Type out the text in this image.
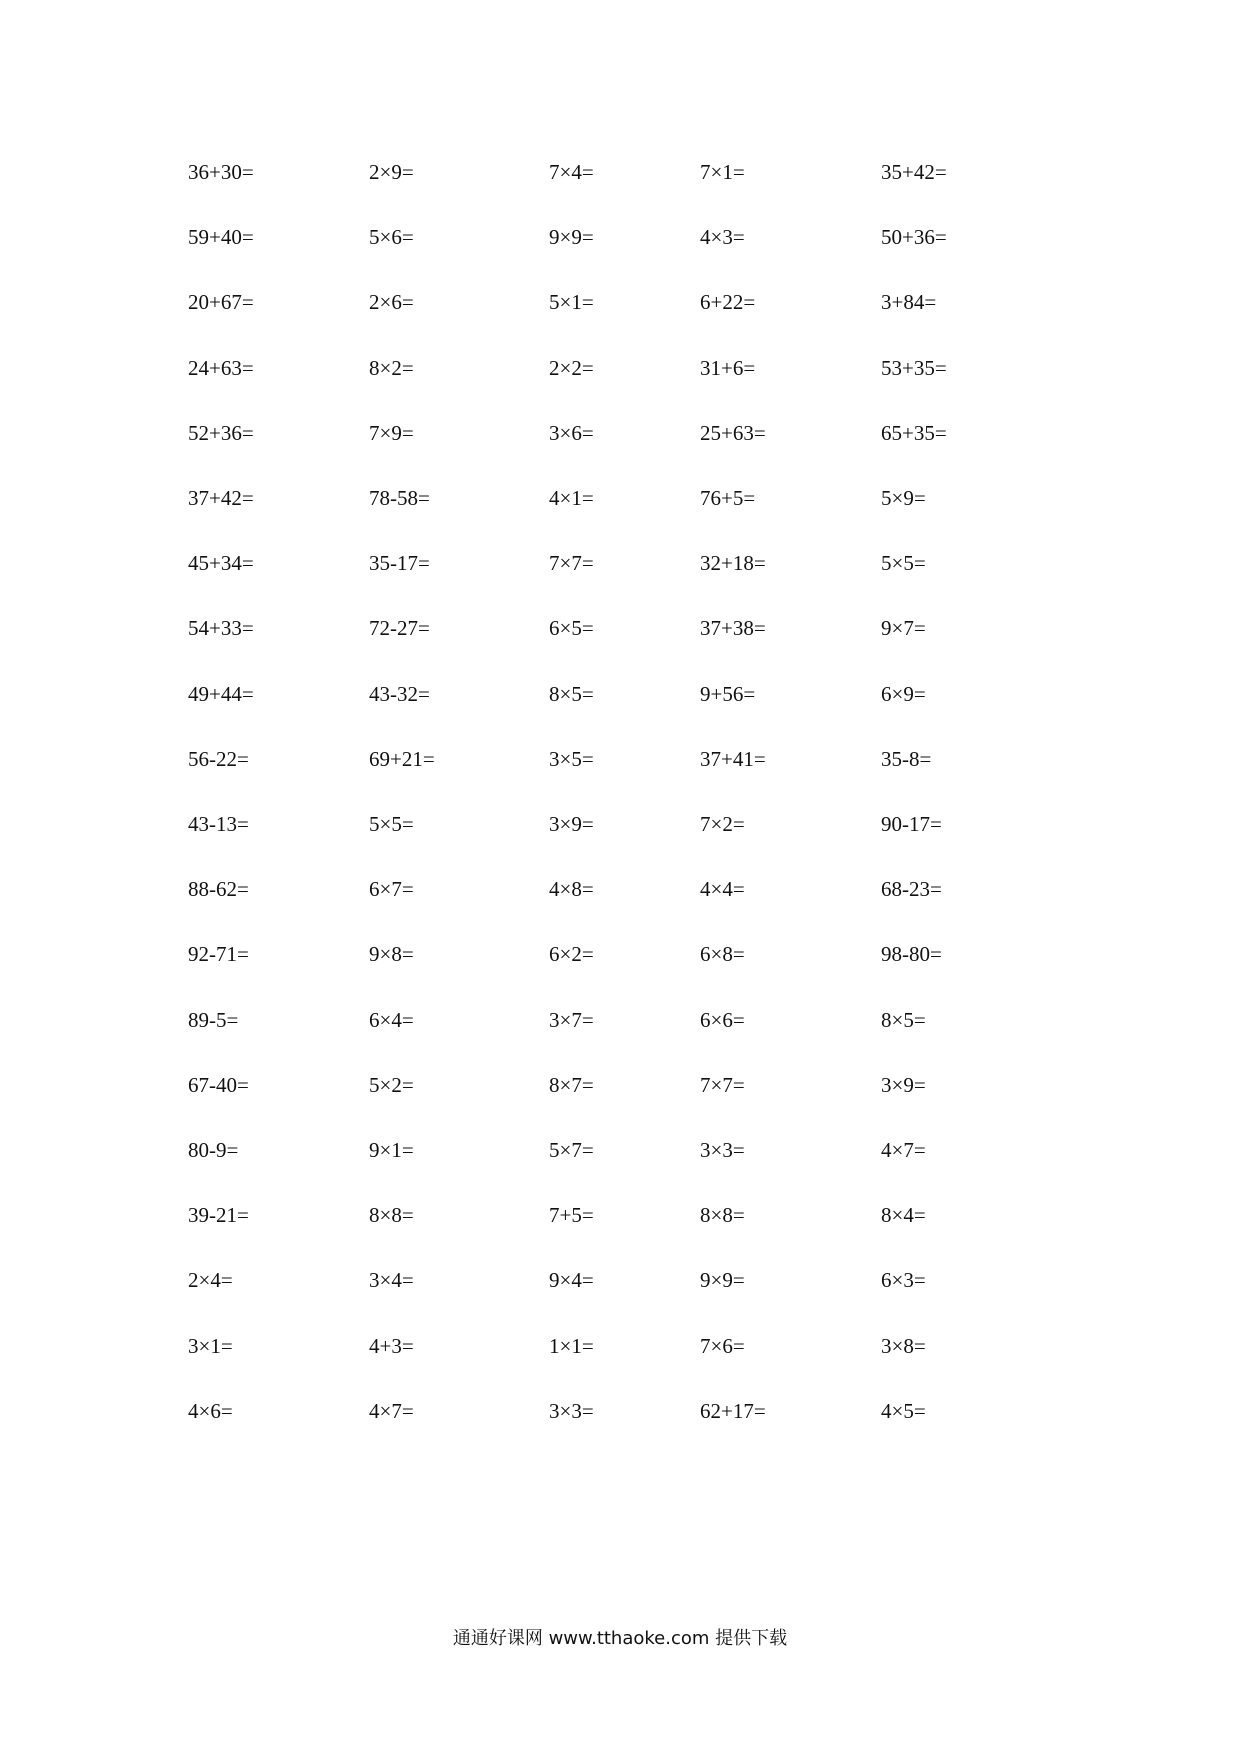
36+30=	2×9=	7×4=	7×1=	35+42=
59+40=	5×6=	9×9=	4×3=	50+36=
20+67=	2×6=	5×1=	6+22=	3+84=
24+63=	8×2=	2×2=	31+6=	53+35=
52+36=	7×9=	3×6=	25+63=	65+35=
37+42=	78-58=	4×1=	76+5=	5×9=
45+34=	35-17=	7×7=	32+18=	5×5=
54+33=	72-27=	6×5=	37+38=	9×7=
49+44=	43-32=	8×5=	9+56=	6×9=
56-22=	69+21=	3×5=	37+41=	35-8=
43-13=	5×5=	3×9=	7×2=	90-17=
88-62=	6×7=	4×8=	4×4=	68-23=
92-71=	9×8=	6×2=	6×8=	98-80=
89-5=	6×4=	3×7=	6×6=	8×5=
67-40=	5×2=	8×7=	7×7=	3×9=
80-9=	9×1=	5×7=	3×3=	4×7=
39-21=	8×8=	7+5=	8×8=	8×4=
2×4=	3×4=	9×4=	9×9=	6×3=
3×1=	4+3=	1×1=	7×6=	3×8=
4×6=	4×7=	3×3=	62+17=	4×5=
通通好课网 www.tthaoke.com 提供下载
